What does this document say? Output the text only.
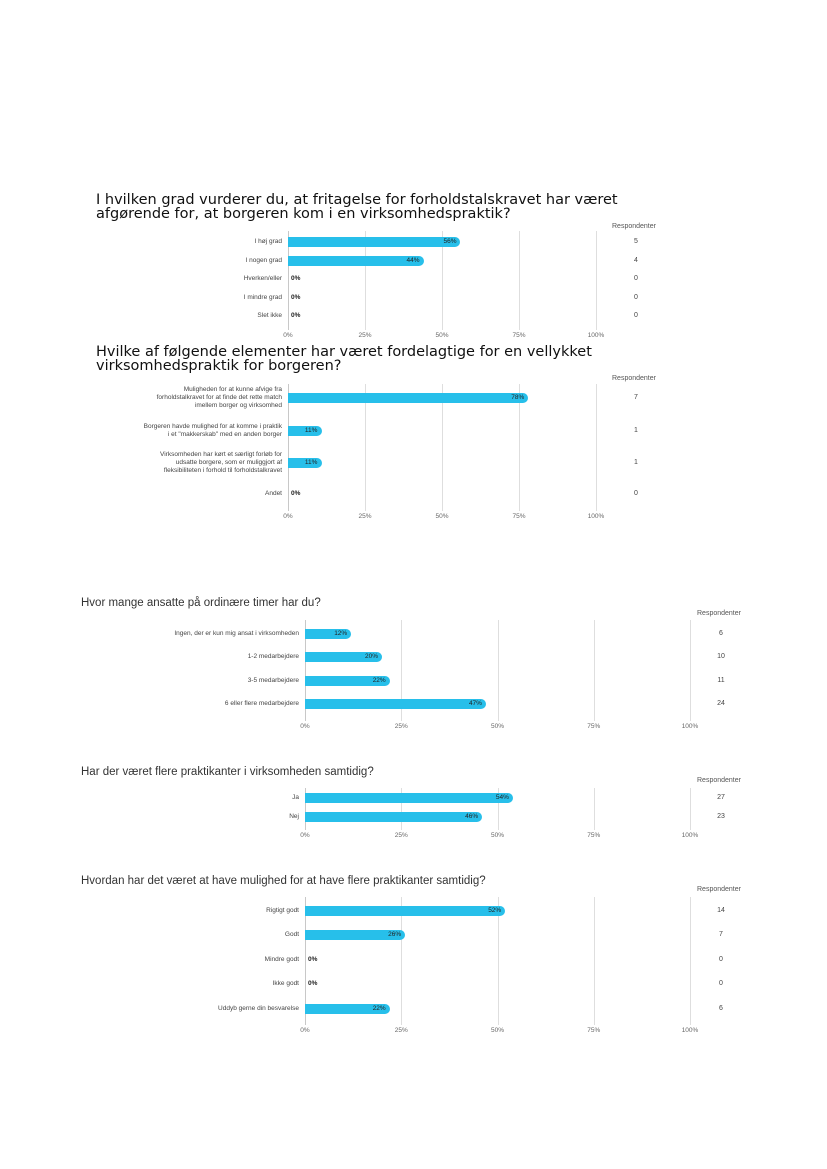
I hvilken grad vurderer du, at fritagelse for forholdstalskravet har været afgørende for, at borgeren kom i en virksomhedspraktik?
Respondenter
0%	25%	50%	75%	100%
I høj grad	56%	5
I nogen grad	44%	4
Hverken/eller 0%	0
I mindre grad 0%	0
Slet ikke 0%	0
Hvilke af følgende elementer har været fordelagtige for en vellykket virksomhedspraktik for borgeren?
Respondenter
0%	25%	50%	75%	100%
Muligheden for at kunne afvige fra forholdstalkravet for at finde det rette match imellem borger og virksomhed
78%	7
Borgeren havde mulighed for at komme i praktik i et "makkerskab" med en anden borger
11%	1
Virksomheden har kørt et særligt forløb for udsatte borgere, som er muliggjort af fleksibiliteten i forhold til forholdstalkravet
11%	1
Andet 0%	0
Hvor mange ansatte på ordinære timer har du?
Respondenter
0%	25%	50%	75%	100%
Ingen, der er kun mig ansat i virksomheden	12%	6
1-2 medarbejdere	20%	10
3-5 medarbejdere	22%	11
6 eller flere medarbejdere	47%	24
Har der været flere praktikanter i virksomheden samtidig?
Respondenter
0%	25%	50%	75%	100%
Ja	54%	27
Nej	46%	23
Hvordan har det været at have mulighed for at have flere praktikanter samtidig?
Respondenter
0%	25%	50%	75%	100%
Rigtigt godt	52%	14
Godt	26%	7
Mindre godt 0%	0
Ikke godt 0%	0
Uddyb gerne din besvarelse	22%	6
